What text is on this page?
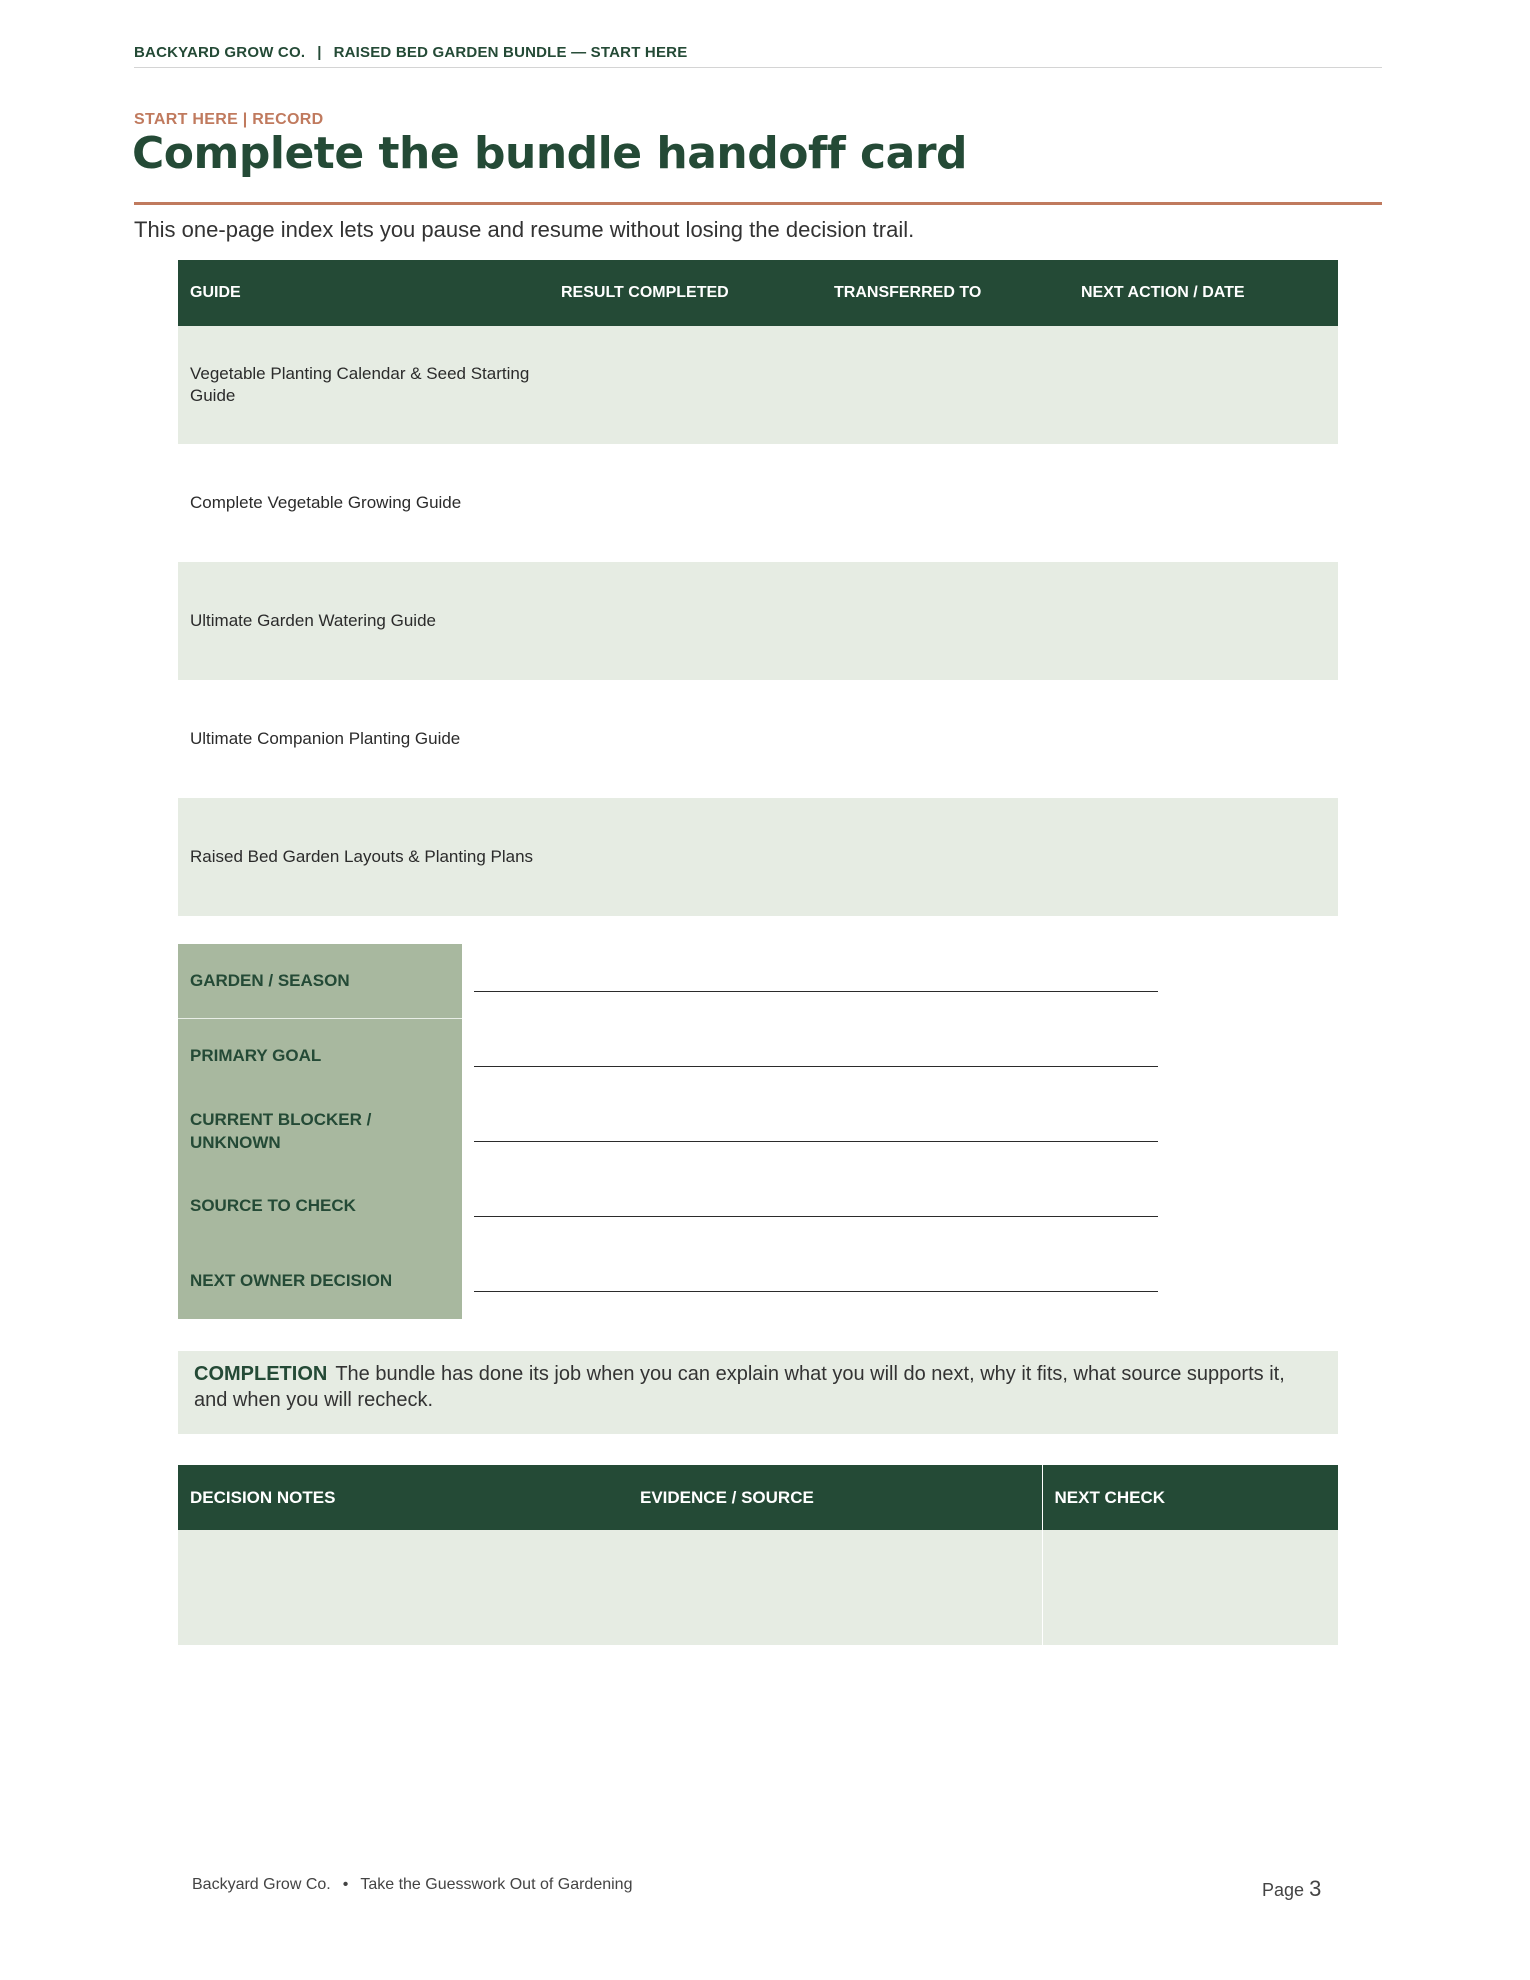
BACKYARD GROW CO. | RAISED BED GARDEN BUNDLE — START HERE
START HERE | RECORD
Complete the bundle handoff card
This one-page index lets you pause and resume without losing the decision trail.
GUIDE	RESULT COMPLETED	TRANSFERRED TO	NEXT ACTION / DATE
Vegetable Planting Calendar & Seed Starting Guide			
Complete Vegetable Growing Guide			
Ultimate Garden Watering Guide			
Ultimate Companion Planting Guide			
Raised Bed Garden Layouts & Planting Plans			
GARDEN / SEASON
PRIMARY GOAL
CURRENT BLOCKER / UNKNOWN
SOURCE TO CHECK
NEXT OWNER DECISION
COMPLETION The bundle has done its job when you can explain what you will do next, why it fits, what source supports it, and when you will recheck.
DECISION NOTES	EVIDENCE / SOURCE	NEXT CHECK

Backyard Grow Co. • Take the Guesswork Out of Gardening	Page 3
